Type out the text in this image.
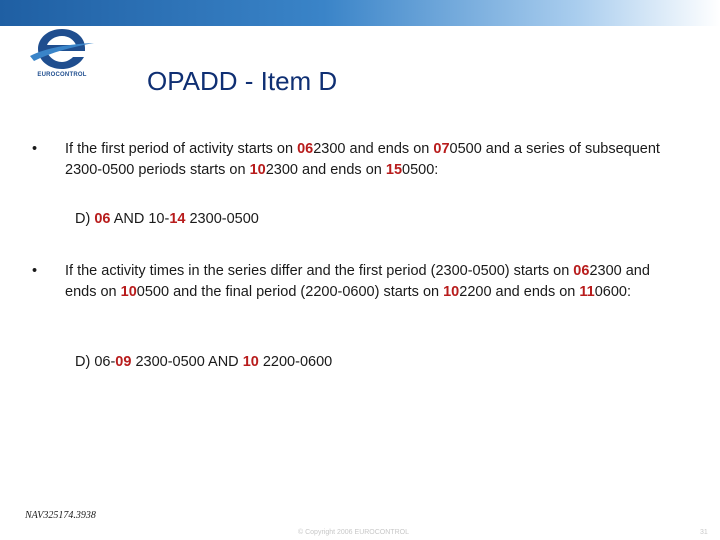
EUROCONTROL	OPADD - Item D
• If the first period of activity starts on 062300 and ends on 070500 and a series of subsequent 2300-0500 periods starts on 102300 and ends on 150500:
D) 06 AND 10-14 2300-0500
• If the activity times in the series differ and the first period (2300-0500) starts on 062300 and ends on 100500 and the final period (2200-0600) starts on 102200 and ends on 110600:
D) 06-09 2300-0500 AND 10 2200-0600
NAV325174.3938
© Copyright 2006 EUROCONTROL	31
